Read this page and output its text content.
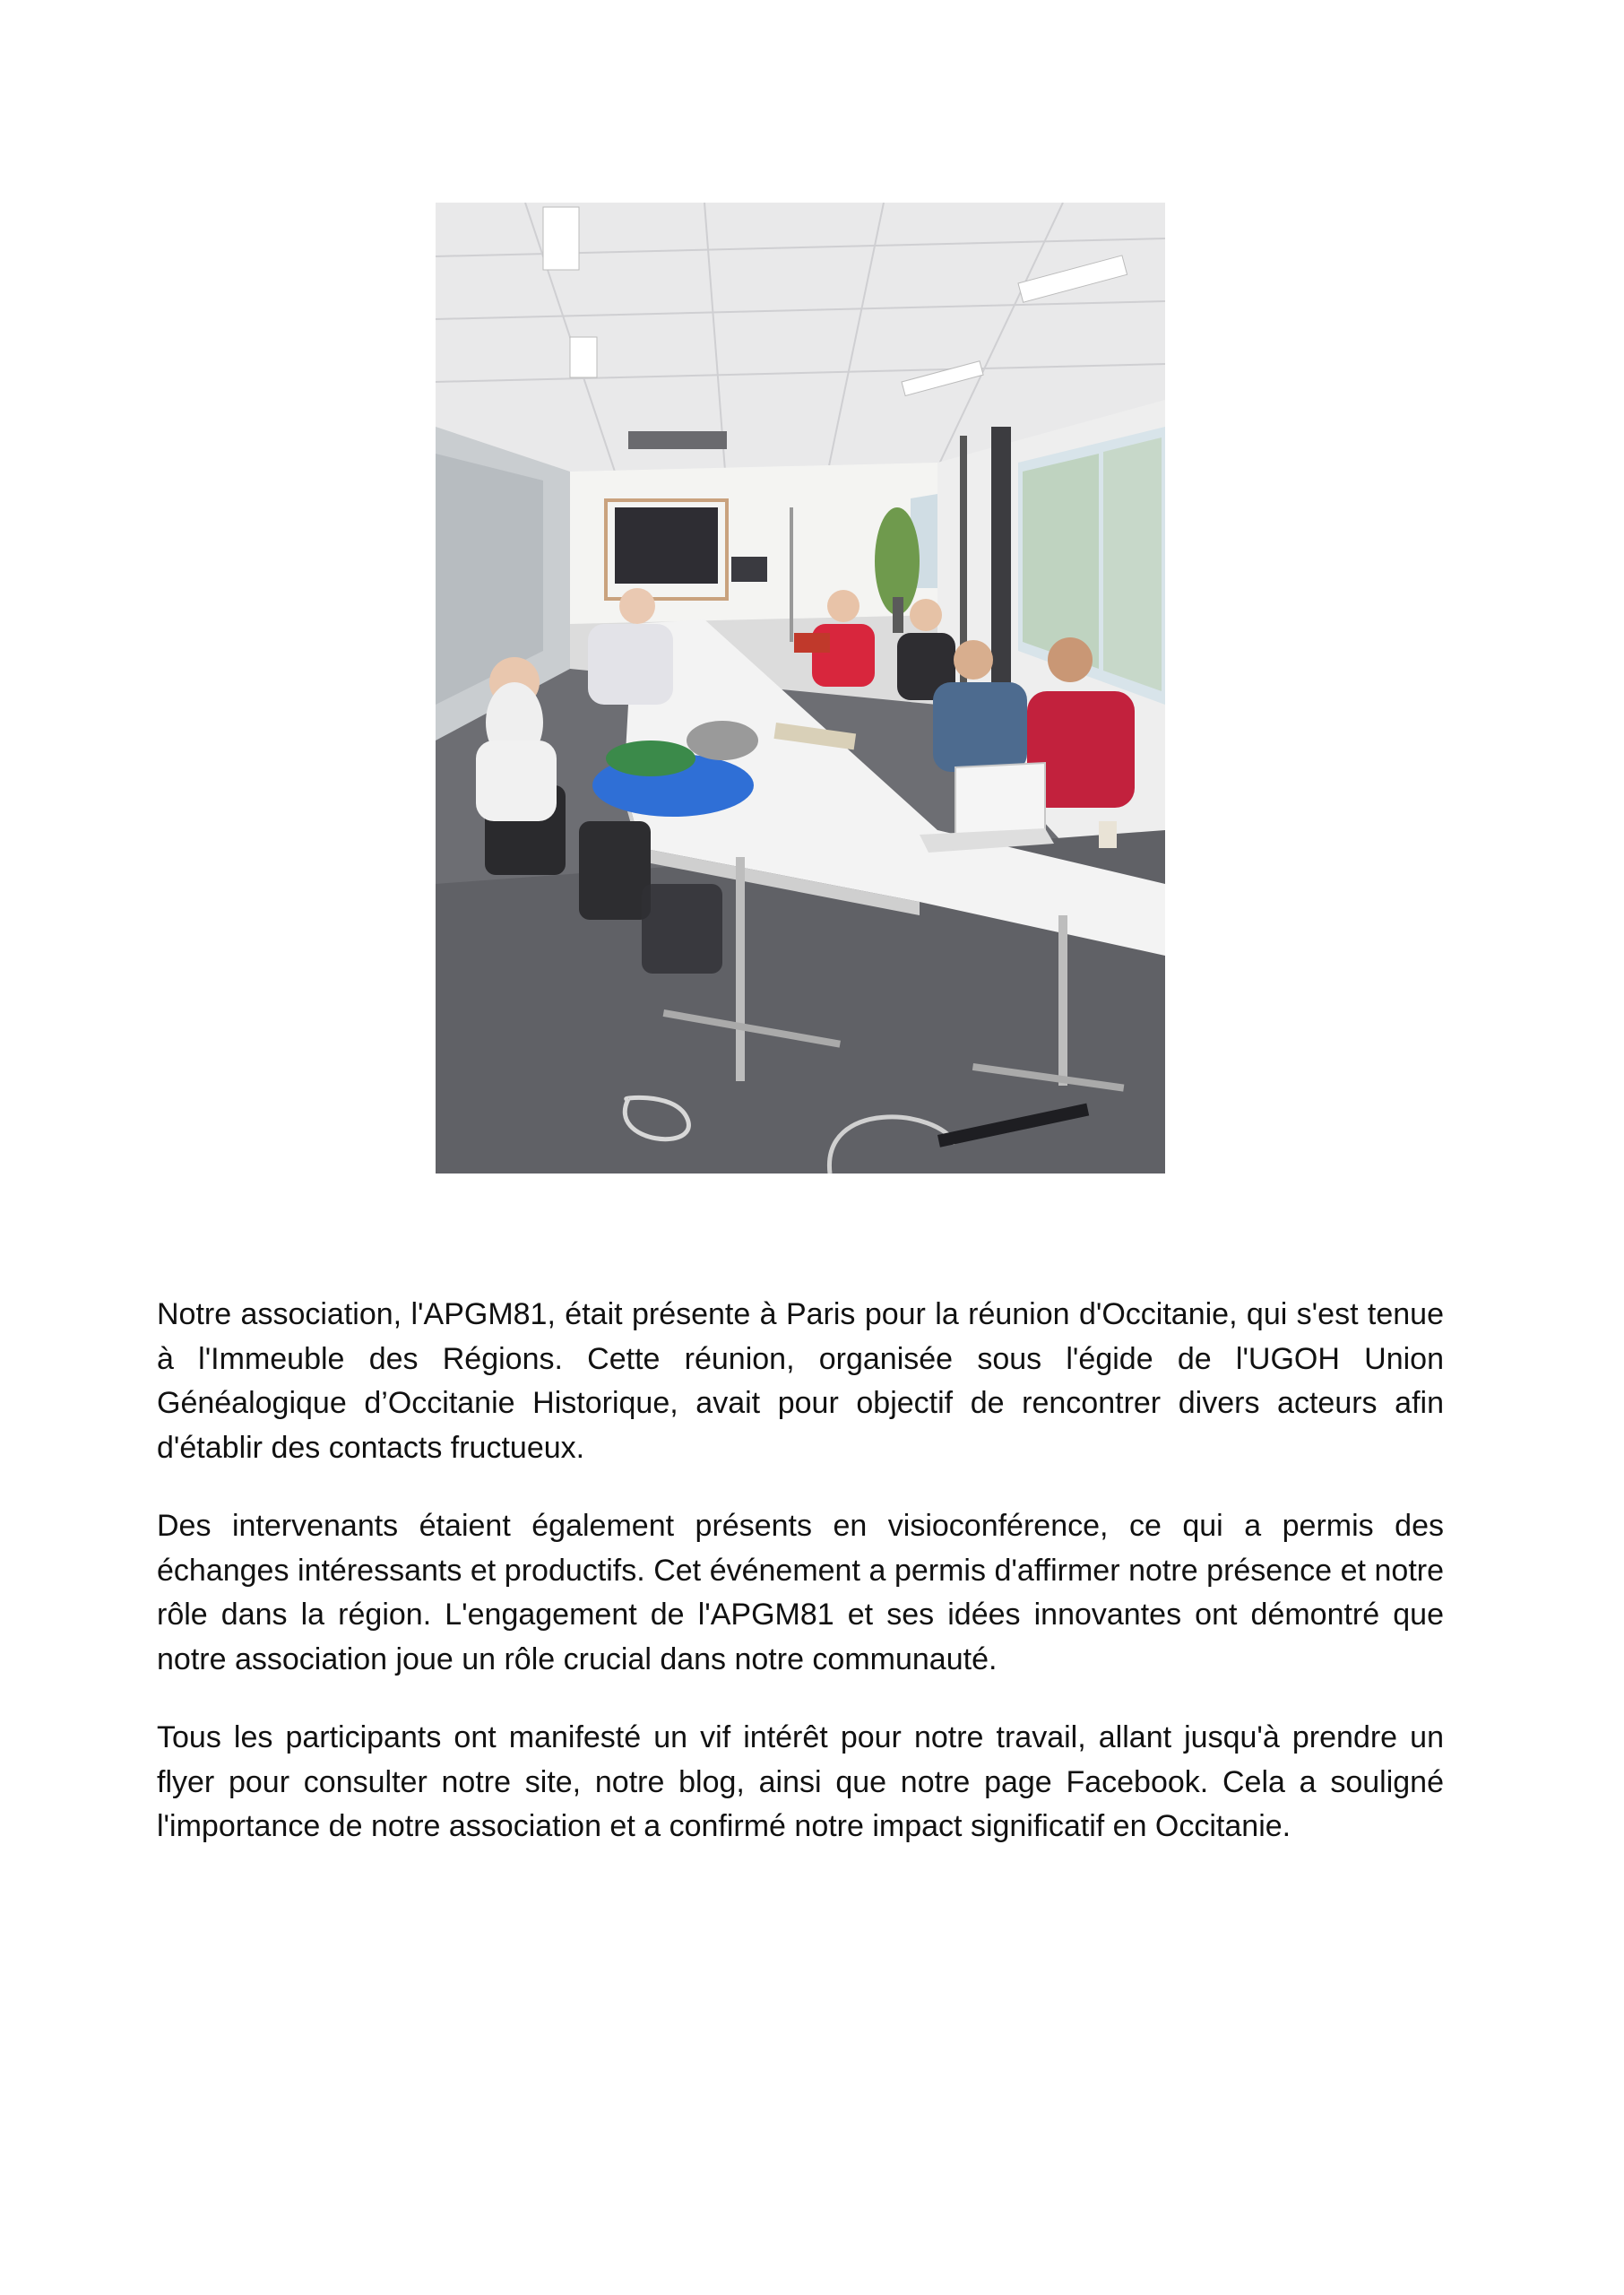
Notre association, l'APGM81, était présente à Paris pour la réunion d'Occitanie, qui s'est tenue à l'Immeuble des Régions. Cette réunion, organisée sous l'égide de l'UGOH Union Généalogique d’Occitanie Historique, avait pour objectif de rencontrer divers acteurs afin d'établir des contacts fructueux.

Des intervenants étaient également présents en visioconférence, ce qui a permis des échanges intéressants et productifs. Cet événement a permis d'affirmer notre présence et notre rôle dans la région. L'engagement de l'APGM81 et ses idées innovantes ont démontré que notre association joue un rôle crucial dans notre communauté.

Tous les participants ont manifesté un vif intérêt pour notre travail, allant jusqu'à prendre un flyer pour consulter notre site, notre blog, ainsi que notre page Facebook. Cela a souligné l'importance de notre association et a confirmé notre impact significatif en Occitanie.
